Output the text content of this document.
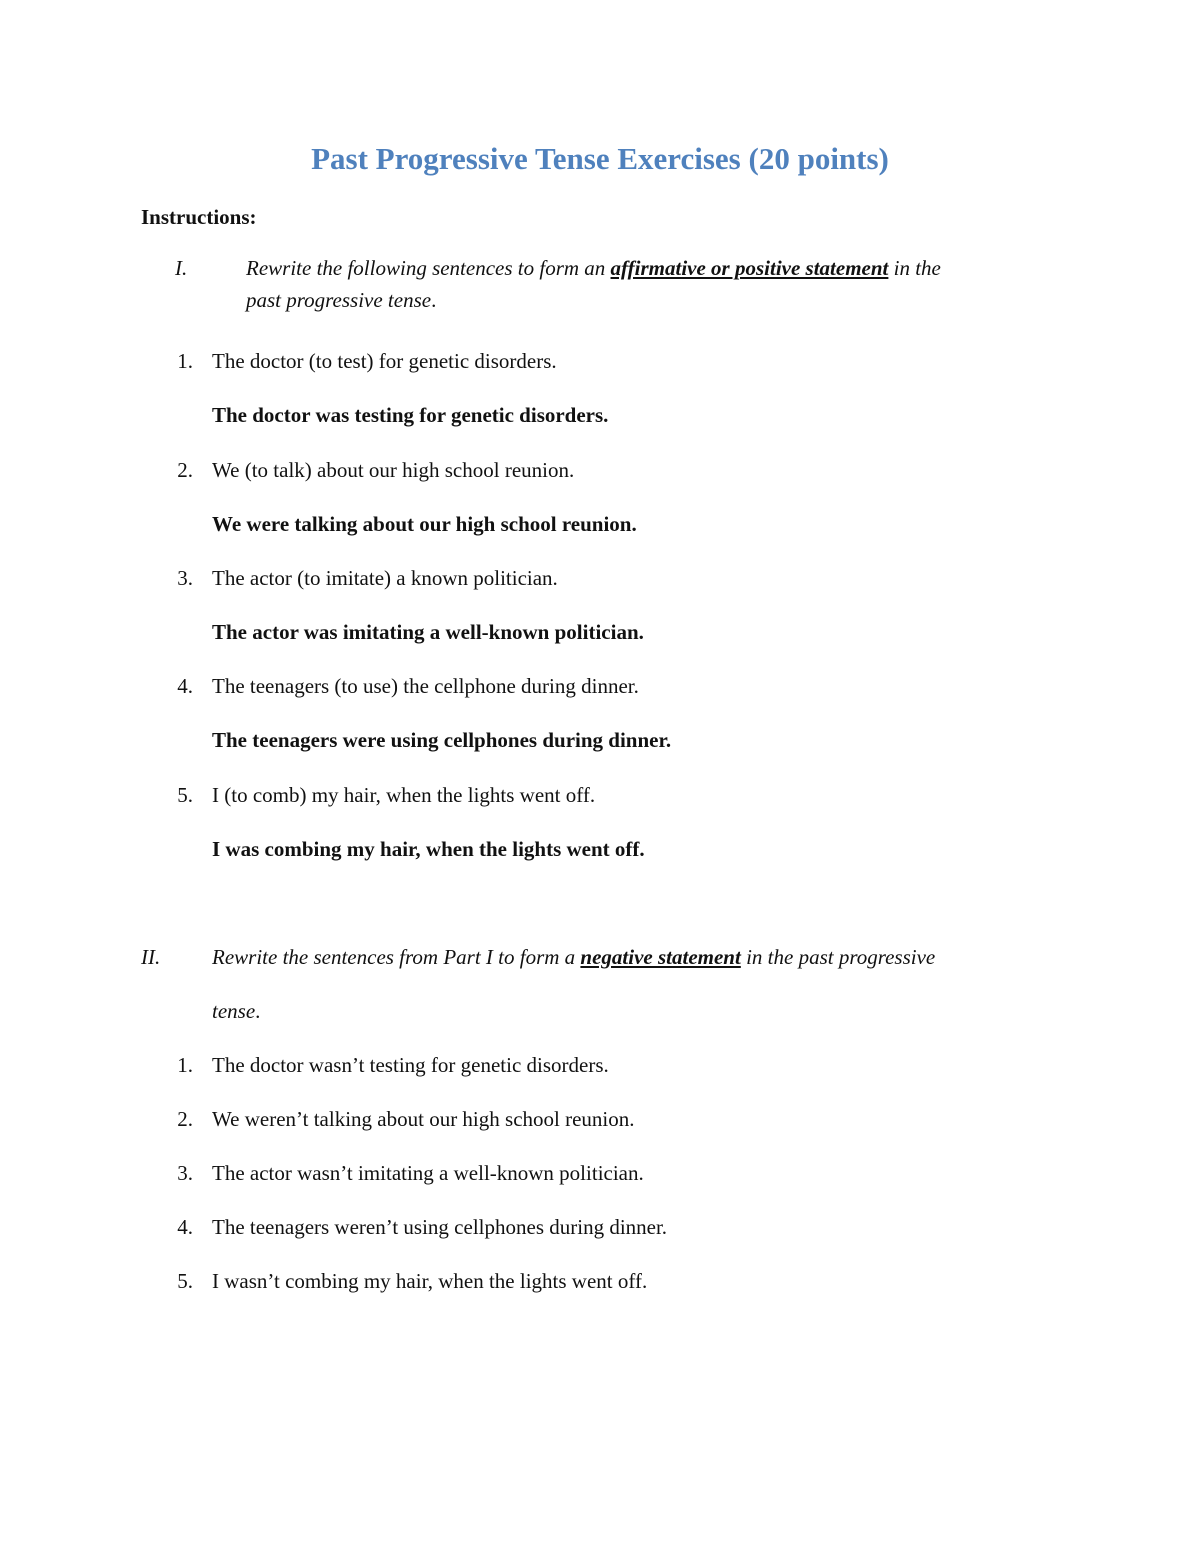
Past Progressive Tense Exercises (20 points)
Instructions:
I.	Rewrite the following sentences to form an affirmative or positive statement in the
past progressive tense.
1. The doctor (to test) for genetic disorders.
The doctor was testing for genetic disorders.
2. We (to talk) about our high school reunion.
We were talking about our high school reunion.
3. The actor (to imitate) a known politician.
The actor was imitating a well-known politician.
4. The teenagers (to use) the cellphone during dinner.
The teenagers were using cellphones during dinner.
5. I (to comb) my hair, when the lights went off.
I was combing my hair, when the lights went off.
II. Rewrite the sentences from Part I to form a negative statement in the past progressive
tense.
1. The doctor wasn’t testing for genetic disorders.
2. We weren’t talking about our high school reunion.
3. The actor wasn’t imitating a well-known politician.
4. The teenagers weren’t using cellphones during dinner.
5. I wasn’t combing my hair, when the lights went off.
